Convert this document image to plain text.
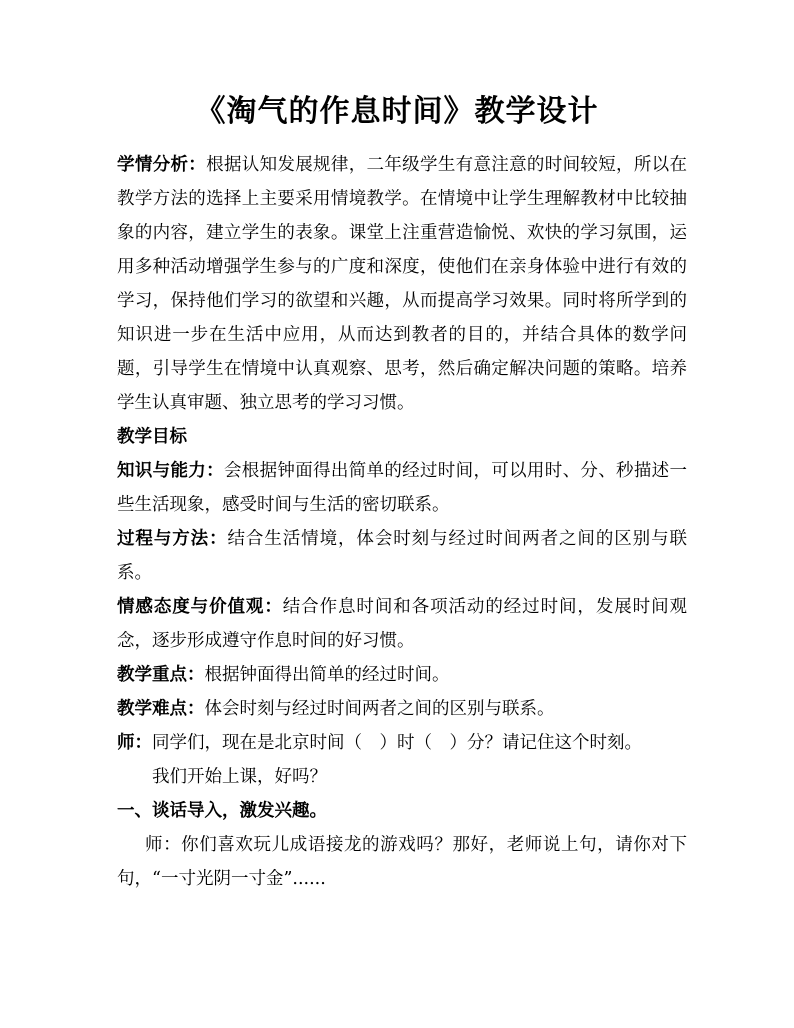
《淘气的作息时间》教学设计

学情分析：根据认知发展规律，二年级学生有意注意的时间较短，所以在教学方法的选择上主要采用情境教学。在情境中让学生理解教材中比较抽象的内容，建立学生的表象。课堂上注重营造愉悦、欢快的学习氛围，运用多种活动增强学生参与的广度和深度，使他们在亲身体验中进行有效的学习，保持他们学习的欲望和兴趣，从而提高学习效果。同时将所学到的知识进一步在生活中应用，从而达到教者的目的，并结合具体的数学问题，引导学生在情境中认真观察、思考，然后确定解决问题的策略。培养学生认真审题、独立思考的学习习惯。

教学目标

知识与能力：会根据钟面得出简单的经过时间，可以用时、分、秒描述一些生活现象，感受时间与生活的密切联系。

过程与方法：结合生活情境，体会时刻与经过时间两者之间的区别与联系。

情感态度与价值观：结合作息时间和各项活动的经过时间，发展时间观念，逐步形成遵守作息时间的好习惯。

教学重点：根据钟面得出简单的经过时间。

教学难点：体会时刻与经过时间两者之间的区别与联系。

师：同学们，现在是北京时间（　）时（　）分？请记住这个时刻。

我们开始上课，好吗？

一、谈话导入，激发兴趣。

师：你们喜欢玩儿成语接龙的游戏吗？那好，老师说上句，请你对下句，“一寸光阴一寸金”......
